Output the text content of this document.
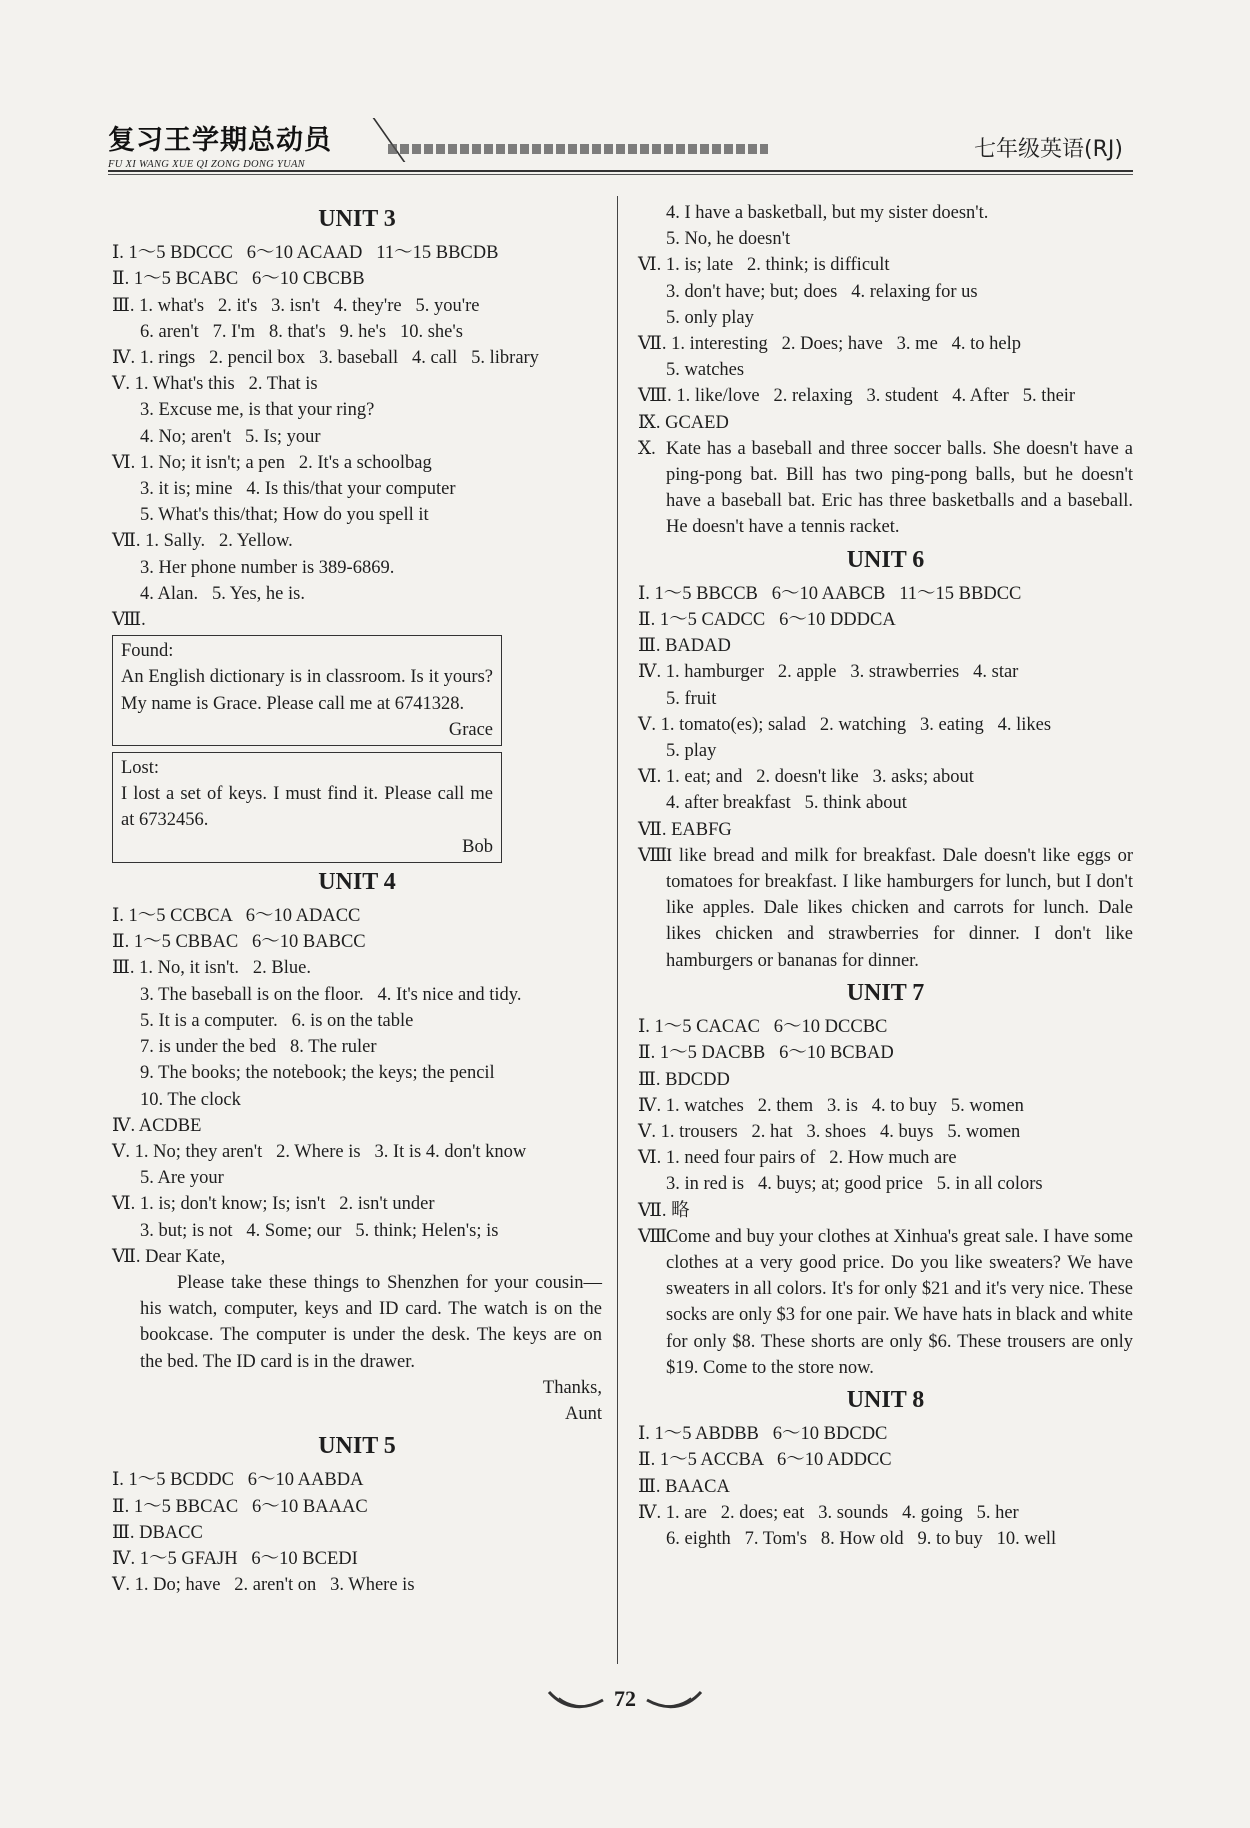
复习王学期总动员
FU XI WANG XUE QI ZONG DONG YUAN
七年级英语(RJ)
UNIT 3
Ⅰ. 1～5 BDCCC   6～10 ACAAD   11～15 BBCDB
Ⅱ. 1～5 BCABC   6～10 CBCBB
Ⅲ. 1. what's   2. it's   3. isn't   4. they're   5. you're
6. aren't   7. I'm   8. that's   9. he's   10. she's
Ⅳ. 1. rings   2. pencil box   3. baseball   4. call   5. library
Ⅴ. 1. What's this   2. That is
3. Excuse me, is that your ring?
4. No; aren't   5. Is; your
Ⅵ. 1. No; it isn't; a pen   2. It's a schoolbag
3. it is; mine   4. Is this/that your computer
5. What's this/that; How do you spell it
Ⅶ. 1. Sally.   2. Yellow.
3. Her phone number is 389-6869.
4. Alan.   5. Yes, he is.
Ⅷ.
Found:
An English dictionary is in classroom. Is it yours? My name is Grace. Please call me at 6741328.
Grace
Lost:
I lost a set of keys. I must find it. Please call me at 6732456.
Bob
UNIT 4
Ⅰ. 1～5 CCBCA   6～10 ADACC
Ⅱ. 1～5 CBBAC   6～10 BABCC
Ⅲ. 1. No, it isn't.   2. Blue.
3. The baseball is on the floor.   4. It's nice and tidy.
5. It is a computer.   6. is on the table
7. is under the bed   8. The ruler
9. The books; the notebook; the keys; the pencil
10. The clock
Ⅳ. ACDBE
Ⅴ. 1. No; they aren't   2. Where is   3. It is 4. don't know
5. Are your
Ⅵ. 1. is; don't know; Is; isn't   2. isn't under
3. but; is not   4. Some; our   5. think; Helen's; is
Ⅶ. Dear Kate,
Please take these things to Shenzhen for your cousin—his watch, computer, keys and ID card. The watch is on the bookcase. The computer is under the desk. The keys are on the bed. The ID card is in the drawer.
Thanks,
Aunt
UNIT 5
Ⅰ. 1～5 BCDDC   6～10 AABDA
Ⅱ. 1～5 BBCAC   6～10 BAAAC
Ⅲ. DBACC
Ⅳ. 1～5 GFAJH   6～10 BCEDI
Ⅴ. 1. Do; have   2. aren't on   3. Where is
4. I have a basketball, but my sister doesn't.
5. No, he doesn't
Ⅵ. 1. is; late   2. think; is difficult
3. don't have; but; does   4. relaxing for us
5. only play
Ⅶ. 1. interesting   2. Does; have   3. me   4. to help
5. watches
Ⅷ. 1. like/love   2. relaxing   3. student   4. After   5. their
Ⅸ. GCAED
Ⅹ. Kate has a baseball and three soccer balls. She doesn't have a ping-pong bat. Bill has two ping-pong balls, but he doesn't have a baseball bat. Eric has three basketballs and a baseball. He doesn't have a tennis racket.
UNIT 6
Ⅰ. 1～5 BBCCB   6～10 AABCB   11～15 BBDCC
Ⅱ. 1～5 CADCC   6～10 DDDCA
Ⅲ. BADAD
Ⅳ. 1. hamburger   2. apple   3. strawberries   4. star
5. fruit
Ⅴ. 1. tomato(es); salad   2. watching   3. eating   4. likes
5. play
Ⅵ. 1. eat; and   2. doesn't like   3. asks; about
4. after breakfast   5. think about
Ⅶ. EABFG
Ⅷ.I like bread and milk for breakfast. Dale doesn't like eggs or tomatoes for breakfast. I like hamburgers for lunch, but I don't like apples. Dale likes chicken and carrots for lunch. Dale likes chicken and strawberries for dinner. I don't like hamburgers or bananas for dinner.
UNIT 7
Ⅰ. 1～5 CACAC   6～10 DCCBC
Ⅱ. 1～5 DACBB   6～10 BCBAD
Ⅲ. BDCDD
Ⅳ. 1. watches   2. them   3. is   4. to buy   5. women
Ⅴ. 1. trousers   2. hat   3. shoes   4. buys   5. women
Ⅵ. 1. need four pairs of   2. How much are
3. in red is   4. buys; at; good price   5. in all colors
Ⅶ. 略
Ⅷ.Come and buy your clothes at Xinhua's great sale. I have some clothes at a very good price. Do you like sweaters? We have sweaters in all colors. It's for only $21 and it's very nice. These socks are only $3 for one pair. We have hats in black and white for only $8. These shorts are only $6. These trousers are only $19. Come to the store now.
UNIT 8
Ⅰ. 1～5 ABDBB   6～10 BDCDC
Ⅱ. 1～5 ACCBA   6～10 ADDCC
Ⅲ. BAACA
Ⅳ. 1. are   2. does; eat   3. sounds   4. going   5. her
6. eighth   7. Tom's   8. How old   9. to buy   10. well
72
